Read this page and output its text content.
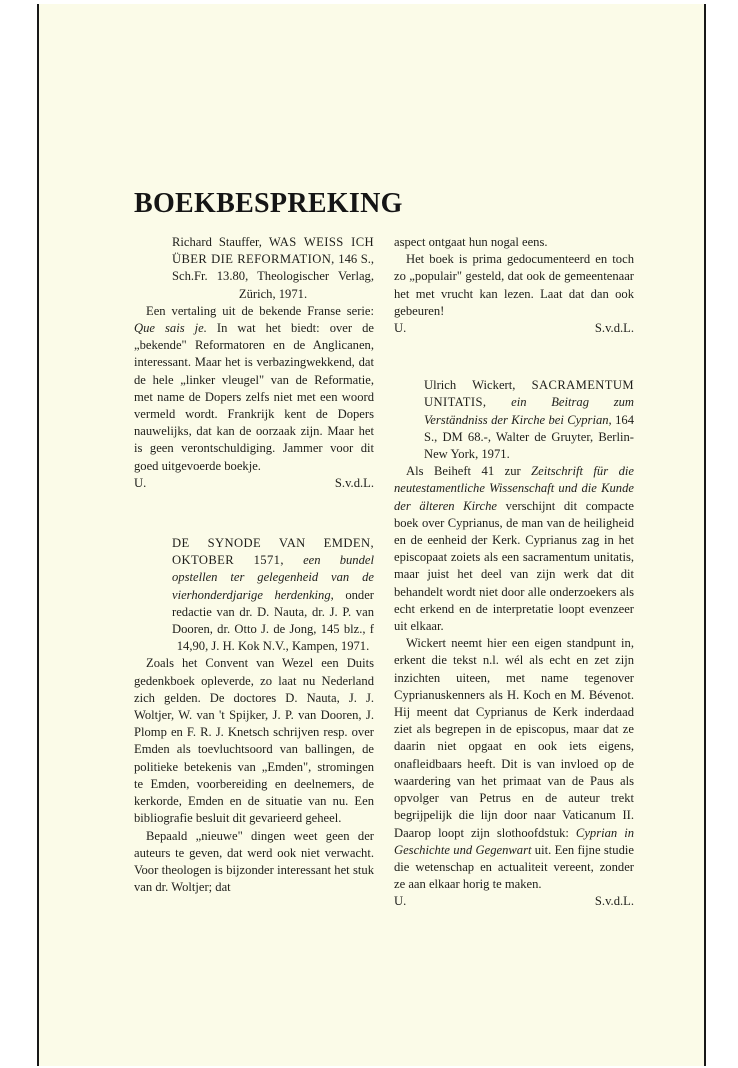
BOEKBESPREKING

Richard Stauffer, WAS WEISS ICH ÜBER DIE REFORMATION, 146 S., Sch.Fr. 13.80, Theologischer Verlag, Zürich, 1971.

Een vertaling uit de bekende Franse serie: Que sais je. In wat het biedt: over de „bekende" Reformatoren en de Anglicanen, interessant. Maar het is verbazingwekkend, dat de hele „linker vleugel" van de Reformatie, met name de Dopers zelfs niet met een woord vermeld wordt. Frankrijk kent de Dopers nauwelijks, dat kan de oorzaak zijn. Maar het is geen verontschuldiging. Jammer voor dit goed uitgevoerde boekje.

U.	S.v.d.L.

DE SYNODE VAN EMDEN, OKTOBER 1571, een bundel opstellen ter gelegenheid van de vierhonderdjarige herdenking, onder redactie van dr. D. Nauta, dr. J. P. van Dooren, dr. Otto J. de Jong, 145 blz., f 14,90, J. H. Kok N.V., Kampen, 1971.

Zoals het Convent van Wezel een Duits gedenkboek opleverde, zo laat nu Nederland zich gelden. De doctores D. Nauta, J. J. Woltjer, W. van 't Spijker, J. P. van Dooren, J. Plomp en F. R. J. Knetsch schrijven resp. over Emden als toevluchtsoord van ballingen, de politieke betekenis van „Emden", stromingen te Emden, voorbereiding en deelnemers, de kerkorde, Emden en de situatie van nu. Een bibliografie besluit dit gevarieerd geheel.

Bepaald „nieuwe" dingen weet geen der auteurs te geven, dat werd ook niet verwacht. Voor theologen is bijzonder interessant het stuk van dr. Woltjer; dat

aspect ontgaat hun nogal eens.

Het boek is prima gedocumenteerd en toch zo „populair" gesteld, dat ook de gemeentenaar het met vrucht kan lezen. Laat dat dan ook gebeuren!

U.	S.v.d.L.

Ulrich Wickert, SACRAMENTUM UNITATIS, ein Beitrag zum Verständniss der Kirche bei Cyprian, 164 S., DM 68.-, Walter de Gruyter, Berlin-New York, 1971.

Als Beiheft 41 zur Zeitschrift für die neutestamentliche Wissenschaft und die Kunde der älteren Kirche verschijnt dit compacte boek over Cyprianus, de man van de heiligheid en de eenheid der Kerk. Cyprianus zag in het episcopaat zoiets als een sacramentum unitatis, maar juist het deel van zijn werk dat dit behandelt wordt niet door alle onderzoekers als echt erkend en de interpretatie loopt evenzeer uit elkaar.

Wickert neemt hier een eigen standpunt in, erkent die tekst n.l. wél als echt en zet zijn inzichten uiteen, met name tegenover Cyprianuskenners als H. Koch en M. Bévenot. Hij meent dat Cyprianus de Kerk inderdaad ziet als begrepen in de episcopus, maar dat ze daarin niet opgaat en ook iets eigens, onafleidbaars heeft. Dit is van invloed op de waardering van het primaat van de Paus als opvolger van Petrus en de auteur trekt begrijpelijk die lijn door naar Vaticanum II. Daarop loopt zijn slothoofdstuk: Cyprian in Geschichte und Gegenwart uit. Een fijne studie die wetenschap en actualiteit vereent, zonder ze aan elkaar horig te maken.

U.	S.v.d.L.
